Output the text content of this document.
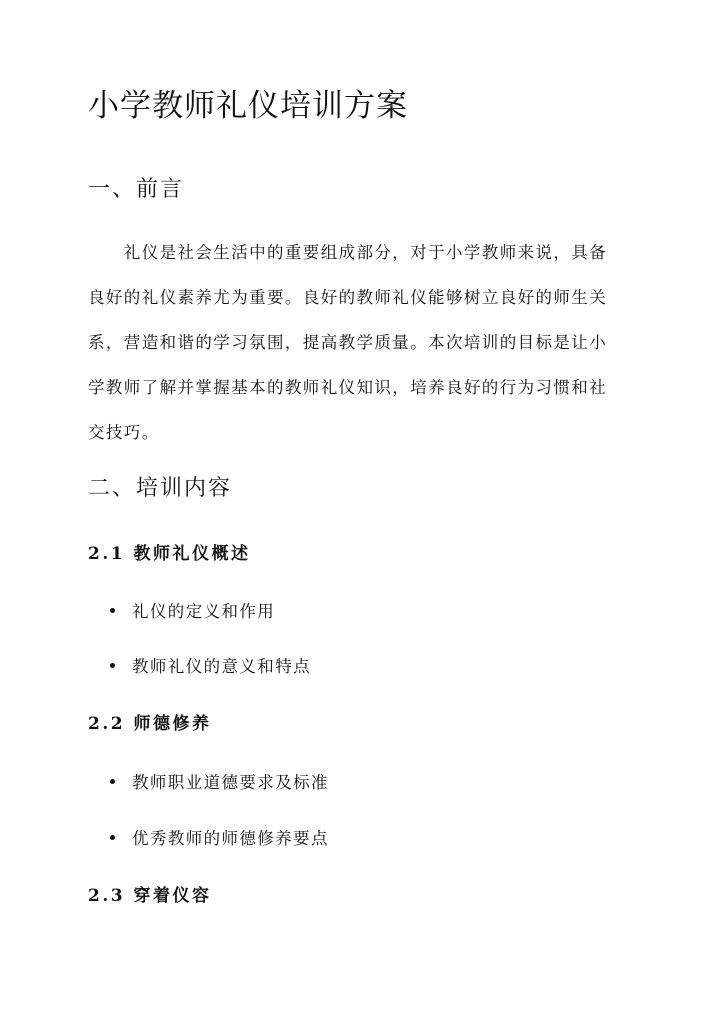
小学教师礼仪培训方案
一、前言
　　礼仪是社会生活中的重要组成部分，对于小学教师来说，具备
良好的礼仪素养尤为重要。良好的教师礼仪能够树立良好的师生关
系，营造和谐的学习氛围，提高教学质量。本次培训的目标是让小
学教师了解并掌握基本的教师礼仪知识，培养良好的行为习惯和社
交技巧。
二、培训内容
2.1 教师礼仪概述
礼仪的定义和作用
教师礼仪的意义和特点
2.2 师德修养
教师职业道德要求及标准
优秀教师的师德修养要点
2.3 穿着仪容
